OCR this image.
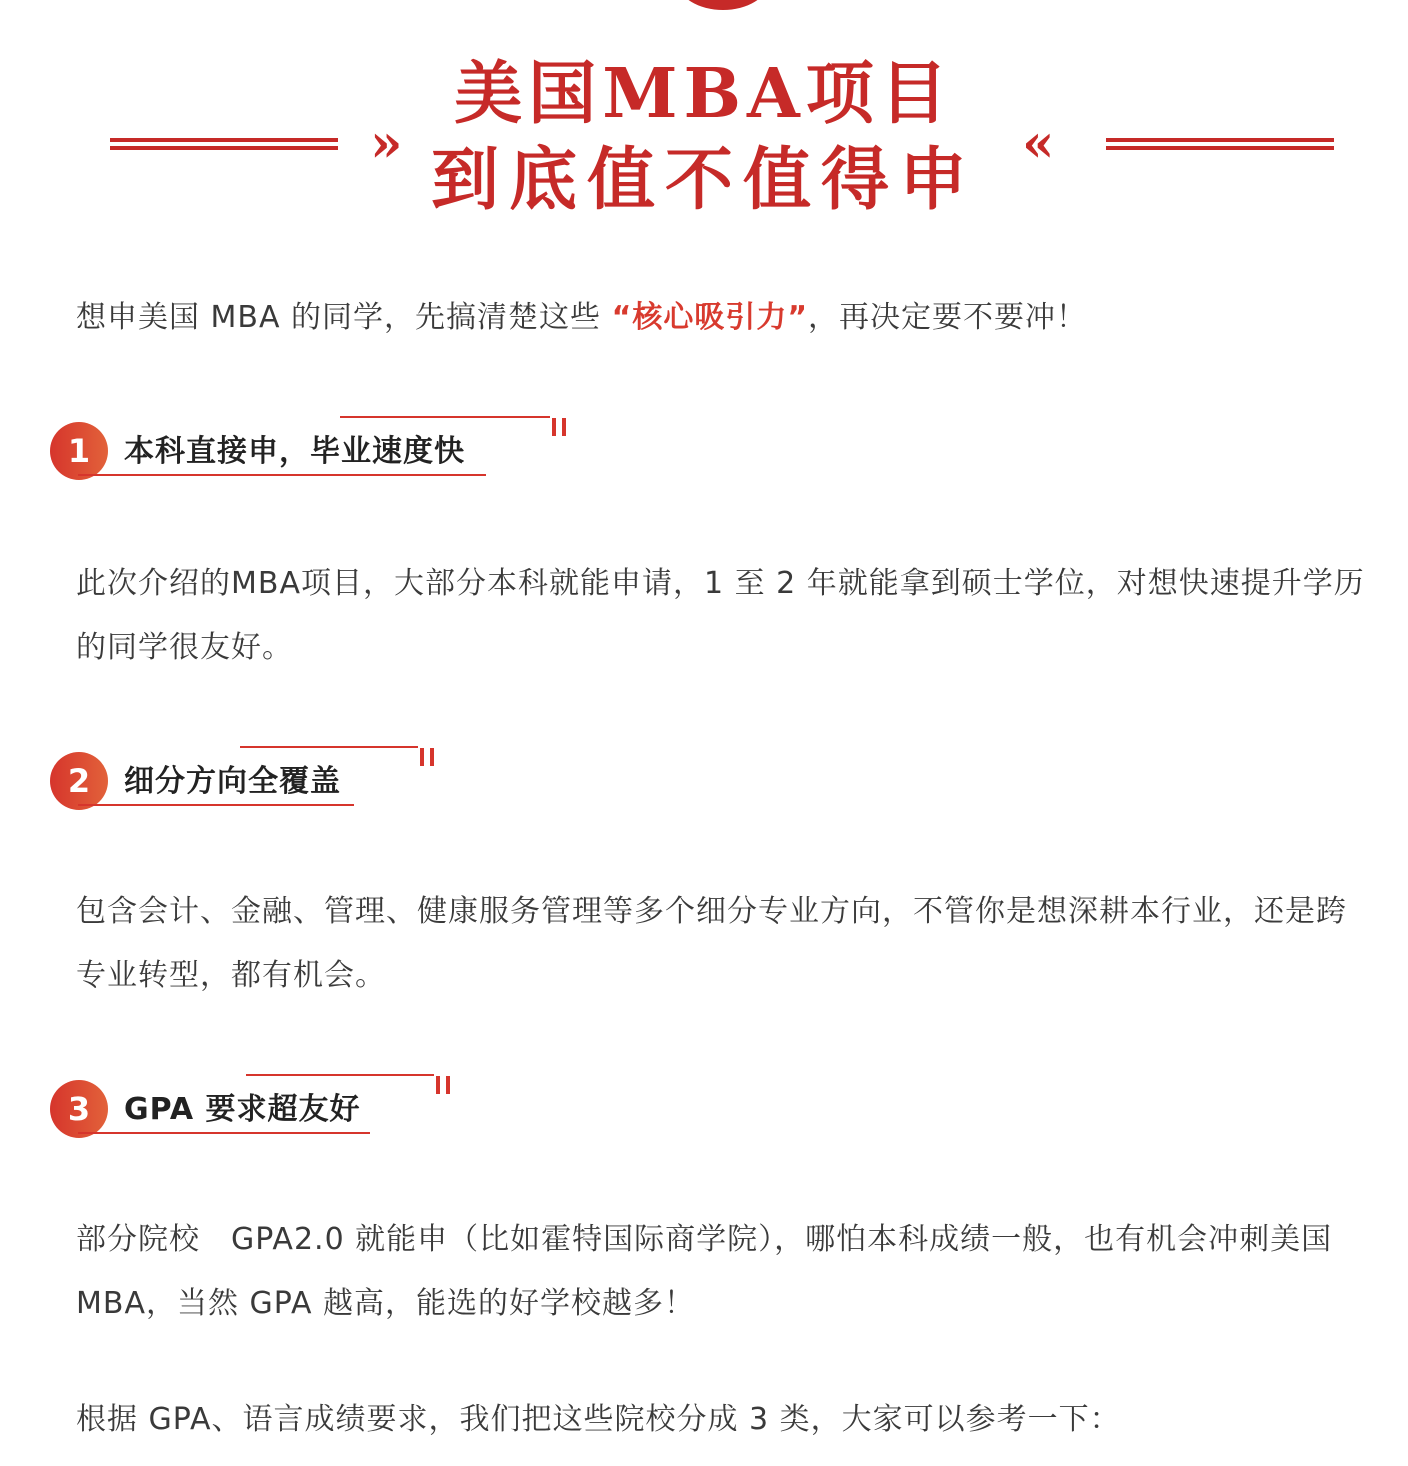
»
美国MBA项目
到底值不值得申 «

想申美国 MBA 的同学，先搞清楚这些 “核心吸引力”，再决定要不要冲！

1	本科直接申，毕业速度快

此次介绍的MBA项目，大部分本科就能申请，1 至 2 年就能拿到硕士学位，对想快速提升学历的同学很友好。

2	细分方向全覆盖

包含会计、金融、管理、健康服务管理等多个细分专业方向，不管你是想深耕本行业，还是跨专业转型，都有机会。

3	GPA 要求超友好

部分院校　GPA2.0 就能申（比如霍特国际商学院），哪怕本科成绩一般，也有机会冲刺美国 MBA，当然 GPA 越高，能选的好学校越多！

根据 GPA、语言成绩要求，我们把这些院校分成 3 类，大家可以参考一下：
